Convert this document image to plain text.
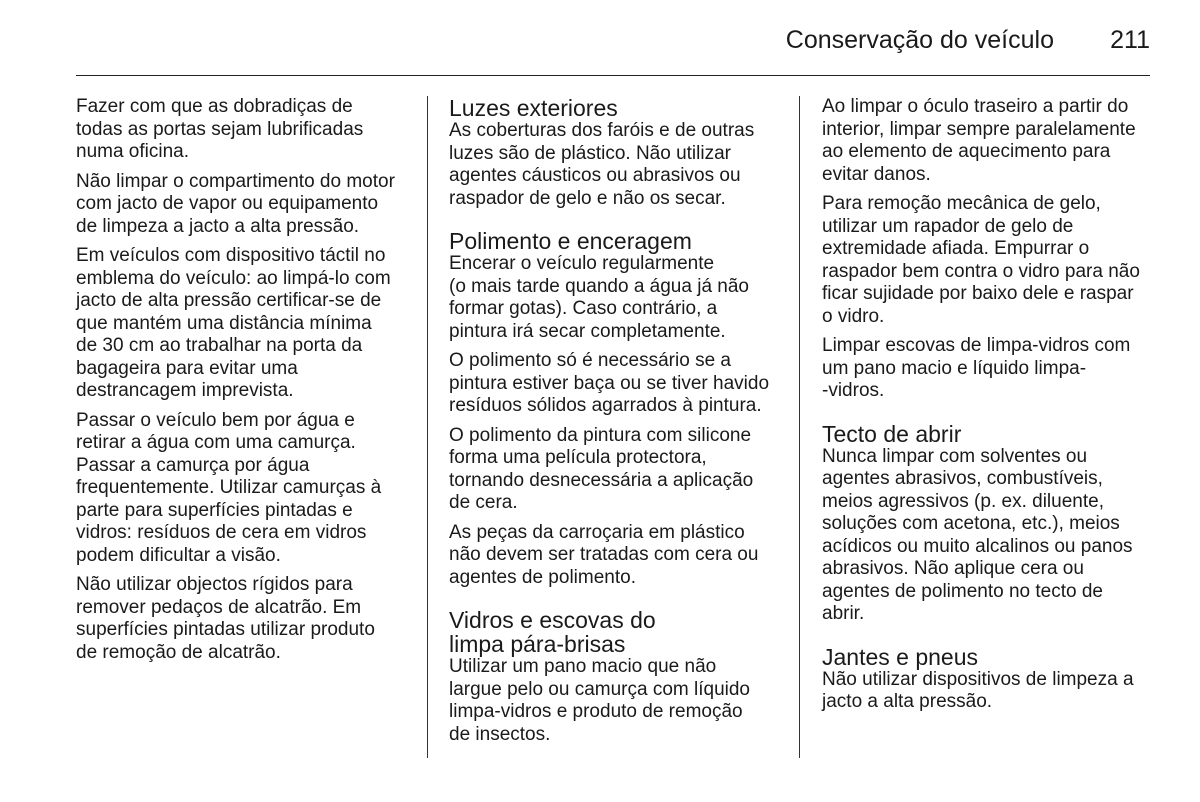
Conservação do veículo	211

Fazer com que as dobradiças de
todas as portas sejam lubrificadas
numa oficina.

Não limpar o compartimento do motor
com jacto de vapor ou equipamento
de limpeza a jacto a alta pressão.

Em veículos com dispositivo táctil no
emblema do veículo: ao limpá-lo com
jacto de alta pressão certificar-se de
que mantém uma distância mínima
de 30 cm ao trabalhar na porta da
bagageira para evitar uma
destrancagem imprevista.

Passar o veículo bem por água e
retirar a água com uma camurça.
Passar a camurça por água
frequentemente. Utilizar camurças à
parte para superfícies pintadas e
vidros: resíduos de cera em vidros
podem dificultar a visão.

Não utilizar objectos rígidos para
remover pedaços de alcatrão. Em
superfícies pintadas utilizar produto
de remoção de alcatrão.

Luzes exteriores

As coberturas dos faróis e de outras
luzes são de plástico. Não utilizar
agentes cáusticos ou abrasivos ou
raspador de gelo e não os secar.

Polimento e enceragem

Encerar o veículo regularmente
(o mais tarde quando a água já não
formar gotas). Caso contrário, a
pintura irá secar completamente.

O polimento só é necessário se a
pintura estiver baça ou se tiver havido
resíduos sólidos agarrados à pintura.

O polimento da pintura com silicone
forma uma película protectora,
tornando desnecessária a aplicação
de cera.

As peças da carroçaria em plástico
não devem ser tratadas com cera ou
agentes de polimento.

Vidros e escovas do
limpa pára-brisas

Utilizar um pano macio que não
largue pelo ou camurça com líquido
limpa-vidros e produto de remoção
de insectos.

Ao limpar o óculo traseiro a partir do
interior, limpar sempre paralelamente
ao elemento de aquecimento para
evitar danos.

Para remoção mecânica de gelo,
utilizar um rapador de gelo de
extremidade afiada. Empurrar o
raspador bem contra o vidro para não
ficar sujidade por baixo dele e raspar
o vidro.

Limpar escovas de limpa-vidros com
um pano macio e líquido limpa-
-vidros.

Tecto de abrir

Nunca limpar com solventes ou
agentes abrasivos, combustíveis,
meios agressivos (p. ex. diluente,
soluções com acetona, etc.), meios
acídicos ou muito alcalinos ou panos
abrasivos. Não aplique cera ou
agentes de polimento no tecto de
abrir.

Jantes e pneus

Não utilizar dispositivos de limpeza a
jacto a alta pressão.
